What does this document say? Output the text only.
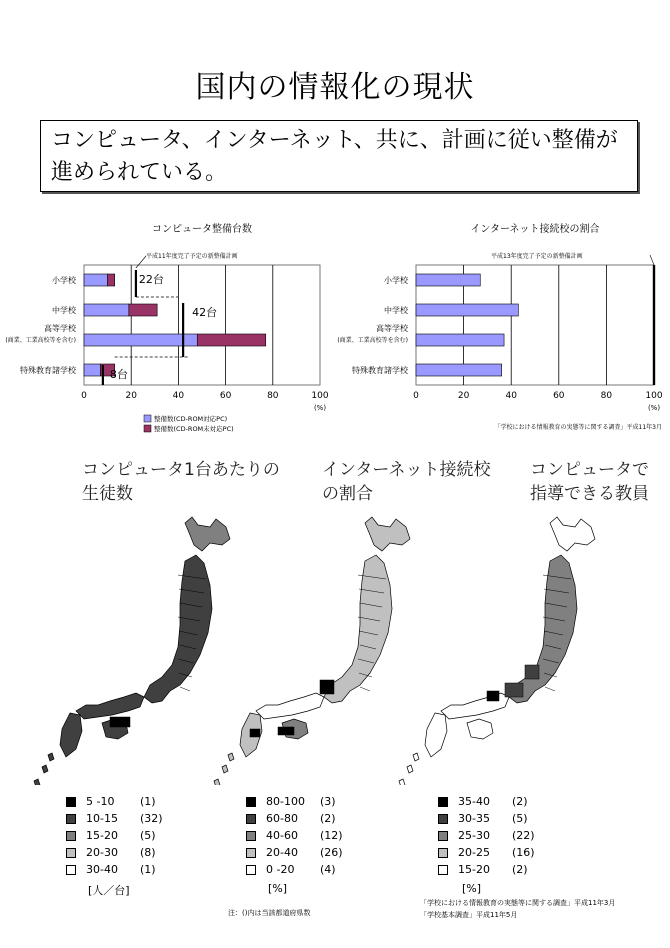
国内の情報化の現状
コンピュータ、インターネット、共に、計画に従い整備が進められている。
コンピュータ整備台数
0	20	40	60	80	100
(%)
小学校
中学校
高等学校
(商業、工業高校等を含む)
特殊教育諸学校
平成11年度完了予定の新整備計画
22台
42台
8台
整備数(CD-ROM対応PC)
整備数(CD-ROM未対応PC)
インターネット接続校の割合
0	20	40	60	80	100
(%)
小学校
中学校
高等学校
(商業、工業高校等を含む)
特殊教育諸学校
平成13年度完了予定の新整備計画
「学校における情報教育の実態等に関する調査」平成11年3月
コンピュータ1台あたりの
生徒数
インターネット接続校
の割合
コンピュータで
指導できる教員
5 -10	(1)
10-15	(32)
15-20	(5)
20-30	(8)
30-40	(1)
80-100	(3)
60-80	(2)
40-60	(12)
20-40	(26)
0 -20	(4)
35-40	(2)
30-35	(5)
25-30	(22)
20-25	(16)
15-20	(2)
[人／台]	[%]	[%]
注：()内は当該都道府県数
「学校における情報教育の実態等に関する調査」平成11年3月
「学校基本調査」平成11年5月
